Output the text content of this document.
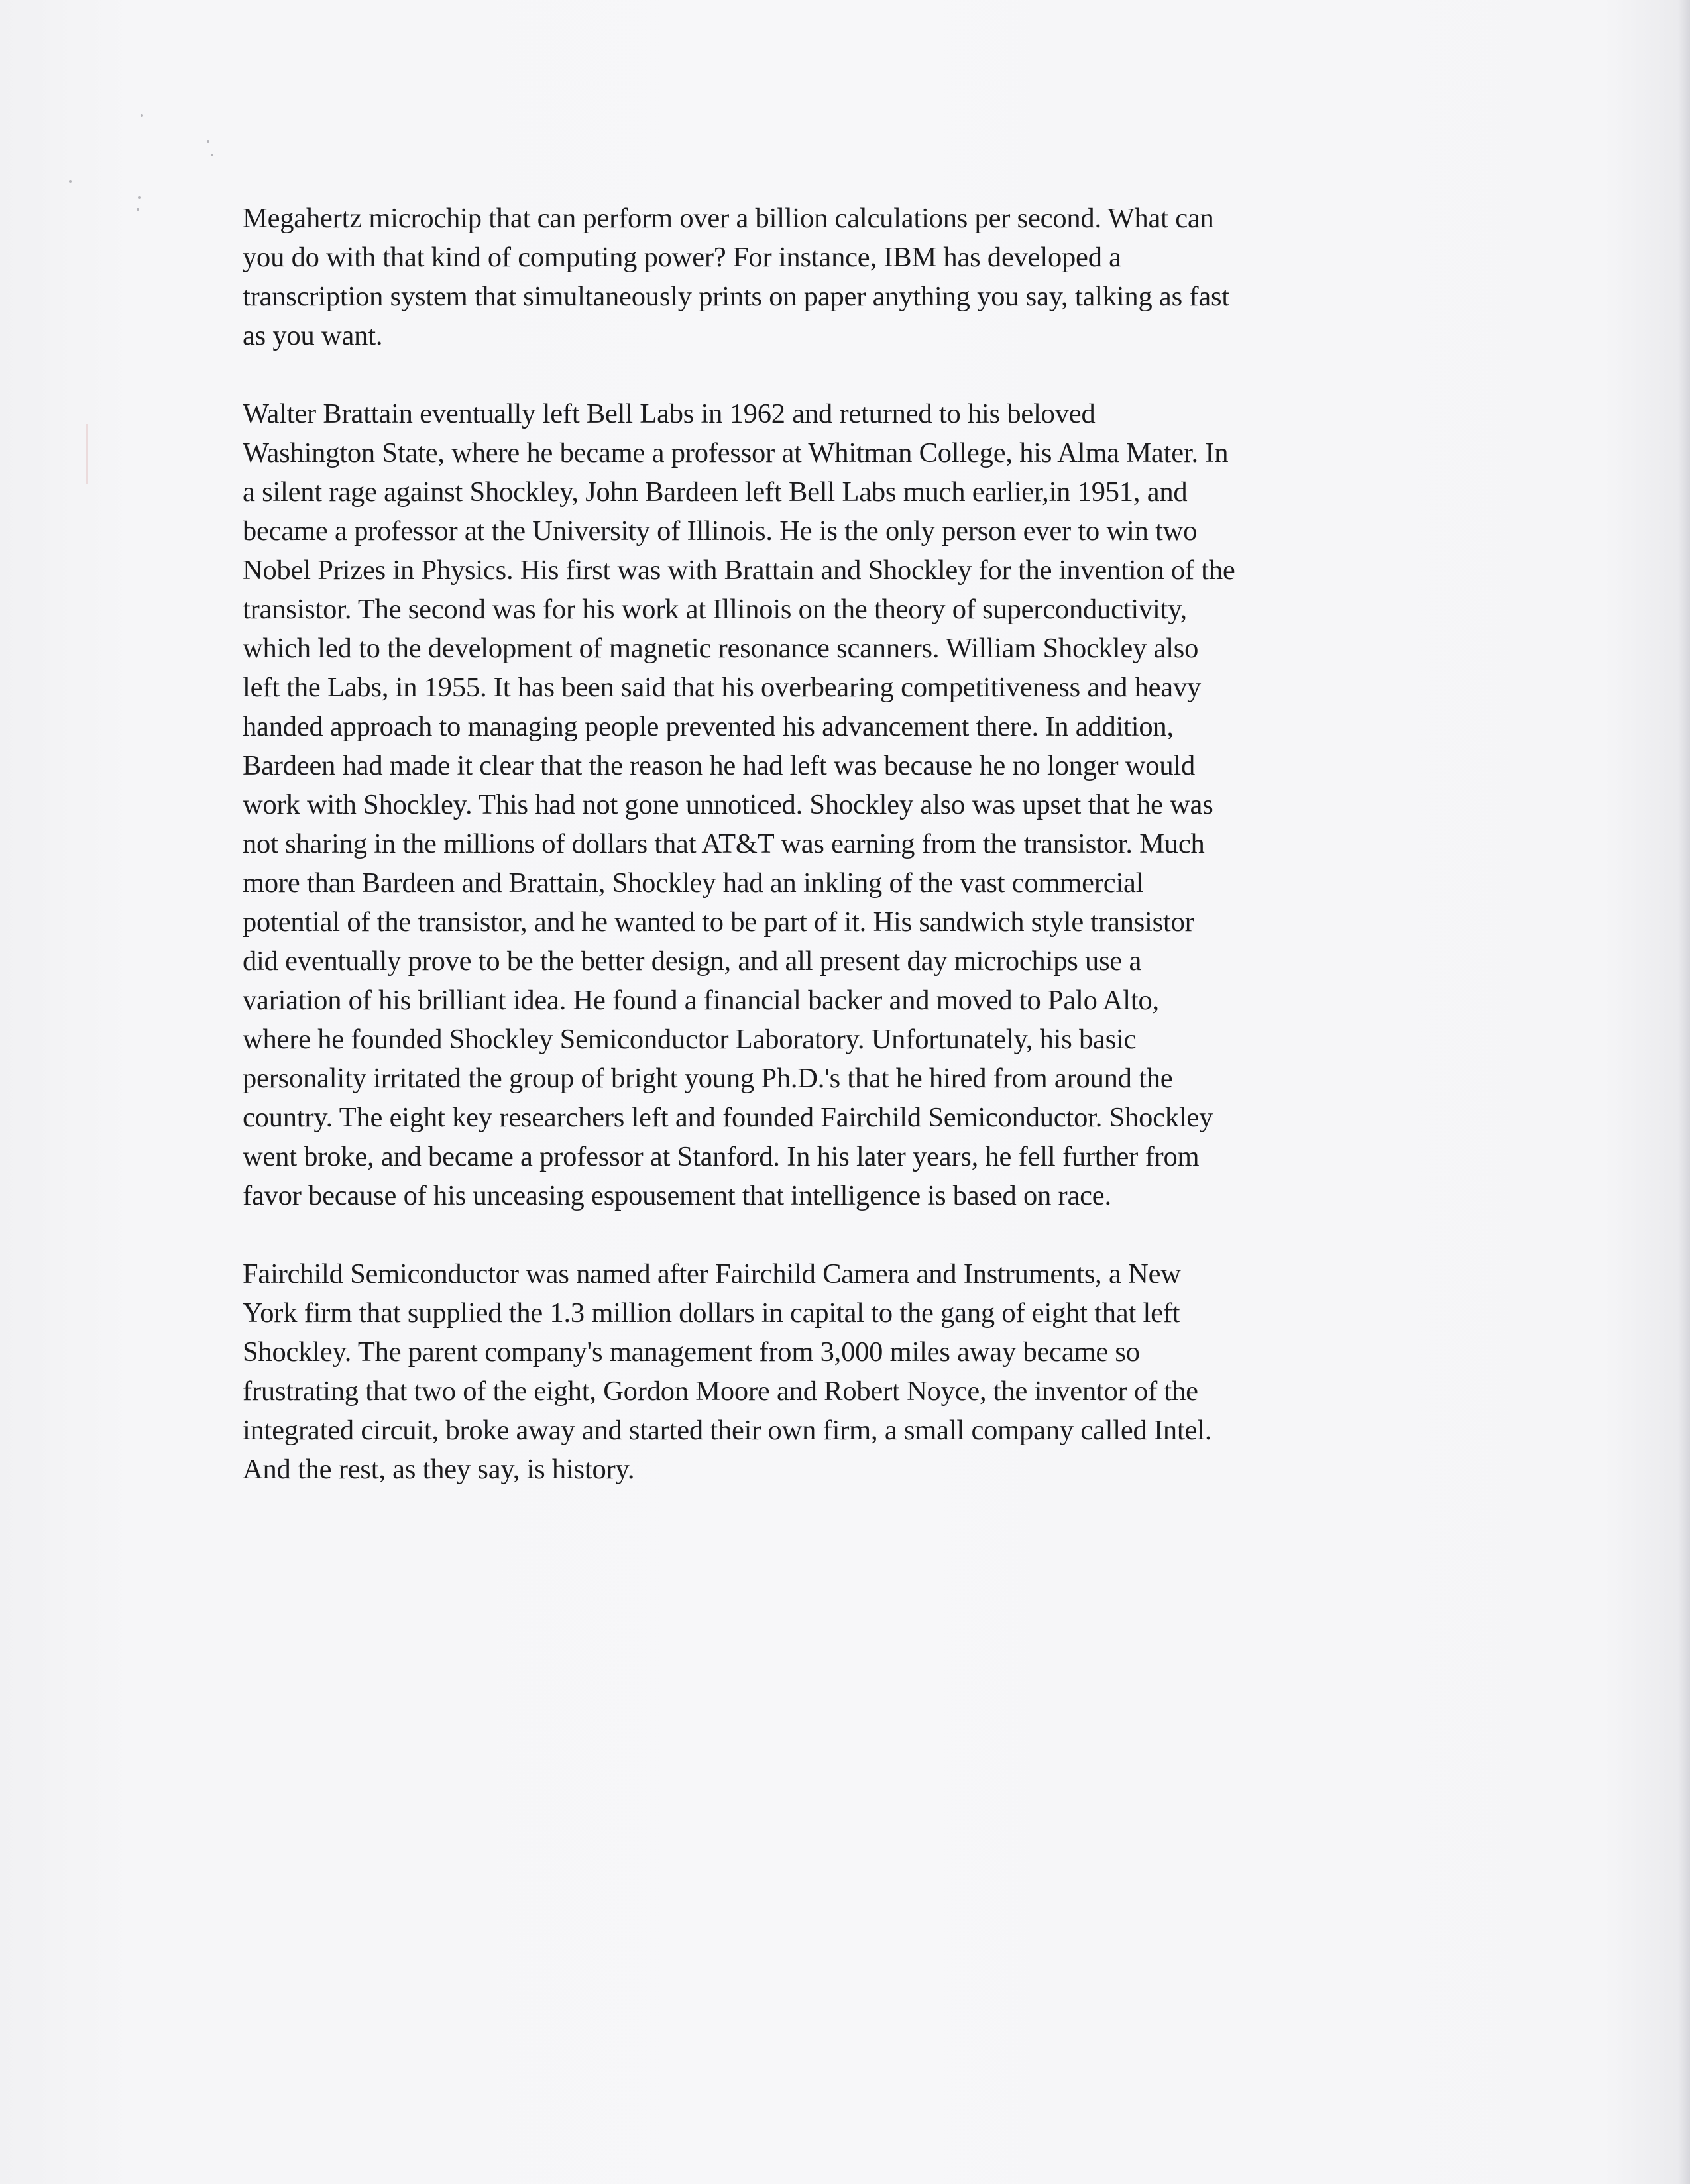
Megahertz microchip that can perform over a billion calculations per second. What can
you do with that kind of computing power? For instance, IBM has developed a
transcription system that simultaneously prints on paper anything you say, talking as fast
as you want.

Walter Brattain eventually left Bell Labs in 1962 and returned to his beloved
Washington State, where he became a professor at Whitman College, his Alma Mater. In
a silent rage against Shockley, John Bardeen left Bell Labs much earlier,in 1951, and
became a professor at the University of Illinois. He is the only person ever to win two
Nobel Prizes in Physics. His first was with Brattain and Shockley for the invention of the
transistor. The second was for his work at Illinois on the theory of superconductivity,
which led to the development of magnetic resonance scanners. William Shockley also
left the Labs, in 1955. It has been said that his overbearing competitiveness and heavy
handed approach to managing people prevented his advancement there. In addition,
Bardeen had made it clear that the reason he had left was because he no longer would
work with Shockley. This had not gone unnoticed. Shockley also was upset that he was
not sharing in the millions of dollars that AT&T was earning from the transistor. Much
more than Bardeen and Brattain, Shockley had an inkling of the vast commercial
potential of the transistor, and he wanted to be part of it. His sandwich style transistor
did eventually prove to be the better design, and all present day microchips use a
variation of his brilliant idea. He found a financial backer and moved to Palo Alto,
where he founded Shockley Semiconductor Laboratory. Unfortunately, his basic
personality irritated the group of bright young Ph.D.'s that he hired from around the
country. The eight key researchers left and founded Fairchild Semiconductor. Shockley
went broke, and became a professor at Stanford. In his later years, he fell further from
favor because of his unceasing espousement that intelligence is based on race.

Fairchild Semiconductor was named after Fairchild Camera and Instruments, a New
York firm that supplied the 1.3 million dollars in capital to the gang of eight that left
Shockley. The parent company's management from 3,000 miles away became so
frustrating that two of the eight, Gordon Moore and Robert Noyce, the inventor of the
integrated circuit, broke away and started their own firm, a small company called Intel.
And the rest, as they say, is history.
